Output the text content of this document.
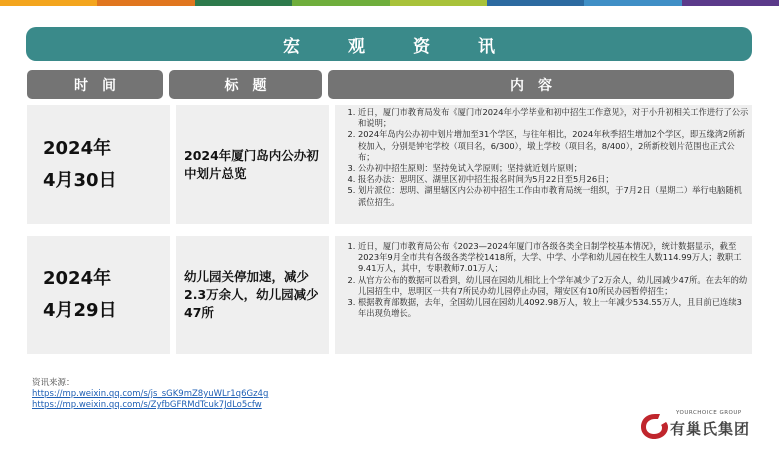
宏观资讯
时间	标题	内容
2024年
4月30日
2024年厦门岛内公办初中划片总览
1. 近日，厦门市教育局发布《厦门市2024年小学毕业和初中招生工作意见》，对于小升初相关工作进行了公示和说明；
2. 2024年岛内公办初中划片增加至31个学区，与往年相比，2024年秋季招生增加2个学区，即五缘湾2所新校加入，分别是钟宅学校（项目名，6/300），墩上学校（项目名，8/400），2所新校划片范围也正式公布；
3. 公办初中招生原则：坚持免试入学原则；坚持就近划片原则；
4. 报名办法：思明区、湖里区初中招生报名时间为5月22日至5月26日；
5. 划片派位：思明、湖里辖区内公办初中招生工作由市教育局统一组织，于7月2日（星期二）举行电脑随机派位招生。
2024年
4月29日
幼儿园关停加速，减少2.3万余人，幼儿园减少47所
1. 近日，厦门市教育局公布《2023—2024年厦门市各级各类全日制学校基本情况》，统计数据显示，截至2023年9月全市共有各级各类学校1418所，大学、中学、小学和幼儿园在校生人数114.99万人；教职工9.41万人，其中，专职教师7.01万人；
2. 从官方公布的数据可以看到，幼儿园在园幼儿相比上个学年减少了2万余人，幼儿园减少47所。在去年的幼儿园招生中，思明区一共有7所民办幼儿园停止办园，翔安区有10所民办园暂停招生；
3. 根据教育部数据，去年，全国幼儿园在园幼儿4092.98万人，较上一年减少534.55万人，且目前已连续3年出现负增长。
资讯来源：
https://mp.weixin.qq.com/s/js_sGK9mZ8yuWLr1q6Gz4g
https://mp.weixin.qq.com/s/ZyfbGFRMdTcuk7JdLo5cfw
YOURCHOICE GROUP
有巢氏集团
